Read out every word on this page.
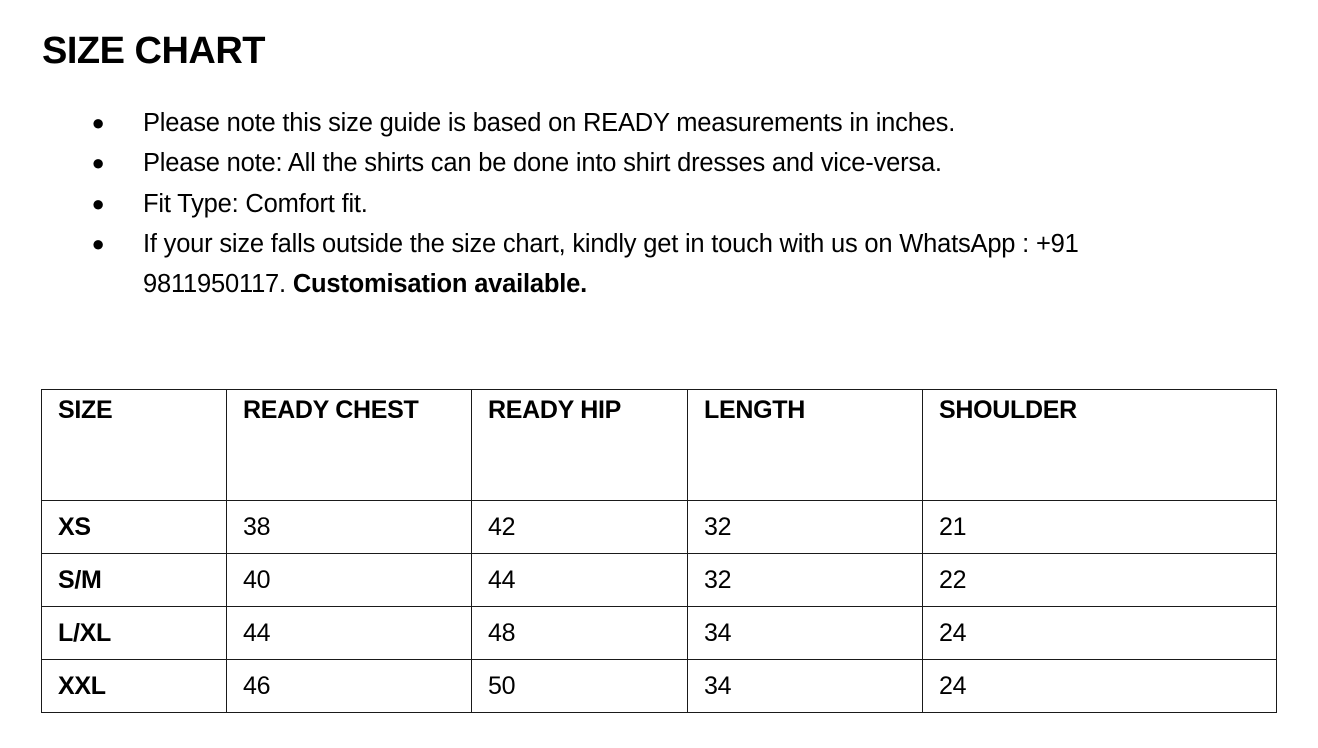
SIZE CHART
● Please note this size guide is based on READY measurements in inches.
● Please note: All the shirts can be done into shirt dresses and vice-versa.
● Fit Type: Comfort fit.
● If your size falls outside the size chart, kindly get in touch with us on WhatsApp : +91 9811950117. Customisation available.
SIZE	READY CHEST	READY HIP	LENGTH	SHOULDER
XS	38	42	32	21
S/M	40	44	32	22
L/XL	44	48	34	24
XXL	46	50	34	24
